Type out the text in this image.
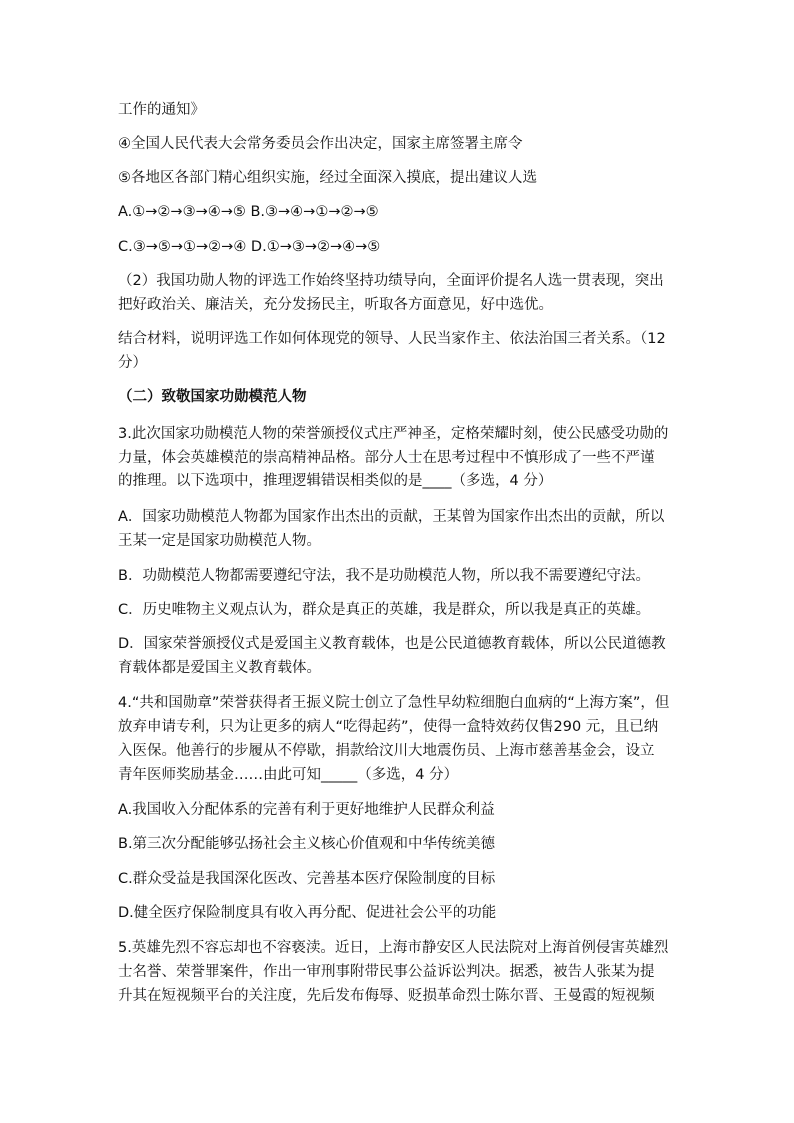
工作的通知》
④全国人民代表大会常务委员会作出决定，国家主席签署主席令
⑤各地区各部门精心组织实施，经过全面深入摸底，提出建议人选
A.①→②→③→④→⑤ B.③→④→①→②→⑤
C.③→⑤→①→②→④ D.①→③→②→④→⑤
（2）我国功勋人物的评选工作始终坚持功绩导向，全面评价提名人选一贯表现，突出
把好政治关、廉洁关，充分发扬民主，听取各方面意见，好中选优。
结合材料，说明评选工作如何体现党的领导、人民当家作主、依法治国三者关系。（12
分）
（二）致敬国家功勋模范人物
3.此次国家功勋模范人物的荣誉颁授仪式庄严神圣，定格荣耀时刻，使公民感受功勋的
力量，体会英雄模范的崇高精神品格。部分人士在思考过程中不慎形成了一些不严谨
的推理。以下选项中，推理逻辑错误相类似的是____（多选，4 分）
A．国家功勋模范人物都为国家作出杰出的贡献，王某曾为国家作出杰出的贡献，所以
王某一定是国家功勋模范人物。
B．功勋模范人物都需要遵纪守法，我不是功勋模范人物，所以我不需要遵纪守法。
C．历史唯物主义观点认为，群众是真正的英雄，我是群众，所以我是真正的英雄。
D．国家荣誉颁授仪式是爱国主义教育载体，也是公民道德教育载体，所以公民道德教
育载体都是爱国主义教育载体。
4.“共和国勋章”荣誉获得者王振义院士创立了急性早幼粒细胞白血病的“上海方案”，但
放弃申请专利，只为让更多的病人“吃得起药”，使得一盒特效药仅售290 元，且已纳
入医保。他善行的步履从不停歇，捐款给汶川大地震伤员、上海市慈善基金会，设立
青年医师奖励基金……由此可知_____（多选，4 分）
A.我国收入分配体系的完善有利于更好地维护人民群众利益
B.第三次分配能够弘扬社会主义核心价值观和中华传统美德
C.群众受益是我国深化医改、完善基本医疗保险制度的目标
D.健全医疗保险制度具有收入再分配、促进社会公平的功能
5.英雄先烈不容忘却也不容亵渎。近日，上海市静安区人民法院对上海首例侵害英雄烈
士名誉、荣誉罪案件，作出一审刑事附带民事公益诉讼判决。据悉，被告人张某为提
升其在短视频平台的关注度，先后发布侮辱、贬损革命烈士陈尔晋、王曼霞的短视频
